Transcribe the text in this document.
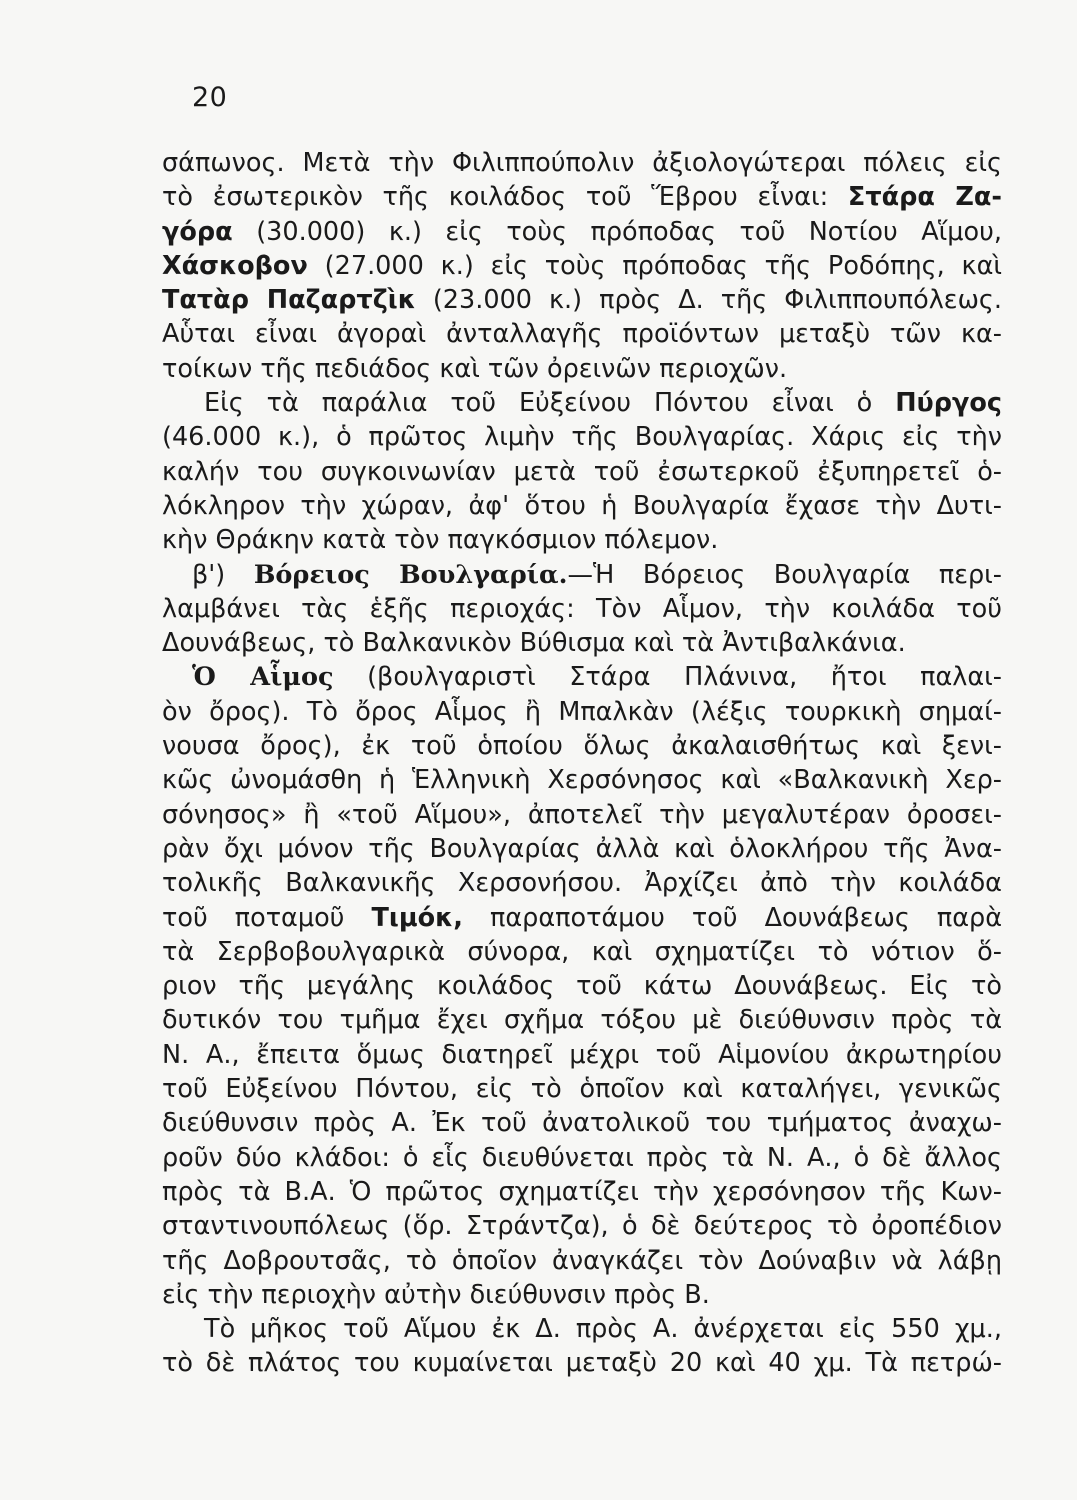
20
σάπωνος. Μετὰ τὴν Φιλιππούπολιν ἀξιολογώτεραι πόλεις εἰς
τὸ ἐσωτερικὸν τῆς κοιλάδος τοῦ Ἕβρου εἶναι: Στάρα Ζα-
γόρα (30.000) κ.) εἰς τοὺς πρόποδας τοῦ Νοτίου Αἵμου,
Χάσκοβον (27.000 κ.) εἰς τοὺς πρόποδας τῆς Ροδόπης, καὶ
Τατὰρ Παζαρτζὶκ (23.000 κ.) πρὸς Δ. τῆς Φιλιππουπόλεως.
Αὗται εἶναι ἀγοραὶ ἀνταλλαγῆς προϊόντων μεταξὺ τῶν κα-
τοίκων τῆς πεδιάδος καὶ τῶν ὀρεινῶν περιοχῶν.
Εἰς τὰ παράλια τοῦ Εὐξείνου Πόντου εἶναι ὁ Πύργος
(46.000 κ.), ὁ πρῶτος λιμὴν τῆς Βουλγαρίας. Χάρις εἰς τὴν
καλήν του συγκοινωνίαν μετὰ τοῦ ἐσωτερκοῦ ἐξυπηρετεῖ ὁ-
λόκληρον τὴν χώραν, ἀφ' ὅτου ἡ Βουλγαρία ἔχασε τὴν Δυτι-
κὴν Θράκην κατὰ τὸν παγκόσμιον πόλεμον.
β') Βόρειος Βουλγαρία.—Ἡ Βόρειος Βουλγαρία περι-
λαμβάνει τὰς ἑξῆς περιοχάς: Τὸν Αἷμον, τὴν κοιλάδα τοῦ
Δουνάβεως, τὸ Βαλκανικὸν Βύθισμα καὶ τὰ Ἀντιβαλκάνια.
Ὁ Αἷμος (βουλγαριστὶ Στάρα Πλάνινα, ἤτοι παλαι-
ὸν ὄρος). Τὸ ὄρος Αἷμος ἢ Μπαλκὰν (λέξις τουρκικὴ σημαί-
νουσα ὄρος), ἐκ τοῦ ὁποίου ὅλως ἀκαλαισθήτως καὶ ξενι-
κῶς ὠνομάσθη ἡ Ἑλληνικὴ Χερσόνησος καὶ «Βαλκανικὴ Χερ-
σόνησος» ἢ «τοῦ Αἵμου», ἀποτελεῖ τὴν μεγαλυτέραν ὀροσει-
ρὰν ὄχι μόνον τῆς Βουλγαρίας ἀλλὰ καὶ ὁλοκλήρου τῆς Ἀνα-
τολικῆς Βαλκανικῆς Χερσονήσου. Ἀρχίζει ἀπὸ τὴν κοιλάδα
τοῦ ποταμοῦ Τιμόκ, παραποτάμου τοῦ Δουνάβεως παρὰ
τὰ Σερβοβουλγαρικὰ σύνορα, καὶ σχηματίζει τὸ νότιον ὅ-
ριον τῆς μεγάλης κοιλάδος τοῦ κάτω Δουνάβεως. Εἰς τὸ
δυτικόν του τμῆμα ἔχει σχῆμα τόξου μὲ διεύθυνσιν πρὸς τὰ
Ν. Α., ἔπειτα ὅμως διατηρεῖ μέχρι τοῦ Αἱμονίου ἀκρωτηρίου
τοῦ Εὐξείνου Πόντου, εἰς τὸ ὁποῖον καὶ καταλήγει, γενικῶς
διεύθυνσιν πρὸς Α. Ἐκ τοῦ ἀνατολικοῦ του τμήματος ἀναχω-
ροῦν δύο κλάδοι: ὁ εἷς διευθύνεται πρὸς τὰ Ν. Α., ὁ δὲ ἄλλος
πρὸς τὰ Β.Α. Ὁ πρῶτος σχηματίζει τὴν χερσόνησον τῆς Κων-
σταντινουπόλεως (ὅρ. Στράντζα), ὁ δὲ δεύτερος τὸ ὀροπέδιον
τῆς Δοβρουτσᾶς, τὸ ὁποῖον ἀναγκάζει τὸν Δούναβιν νὰ λάβῃ
εἰς τὴν περιοχὴν αὐτὴν διεύθυνσιν πρὸς Β.
Τὸ μῆκος τοῦ Αἵμου ἐκ Δ. πρὸς Α. ἀνέρχεται εἰς 550 χμ.,
τὸ δὲ πλάτος του κυμαίνεται μεταξὺ 20 καὶ 40 χμ. Τὰ πετρώ-
